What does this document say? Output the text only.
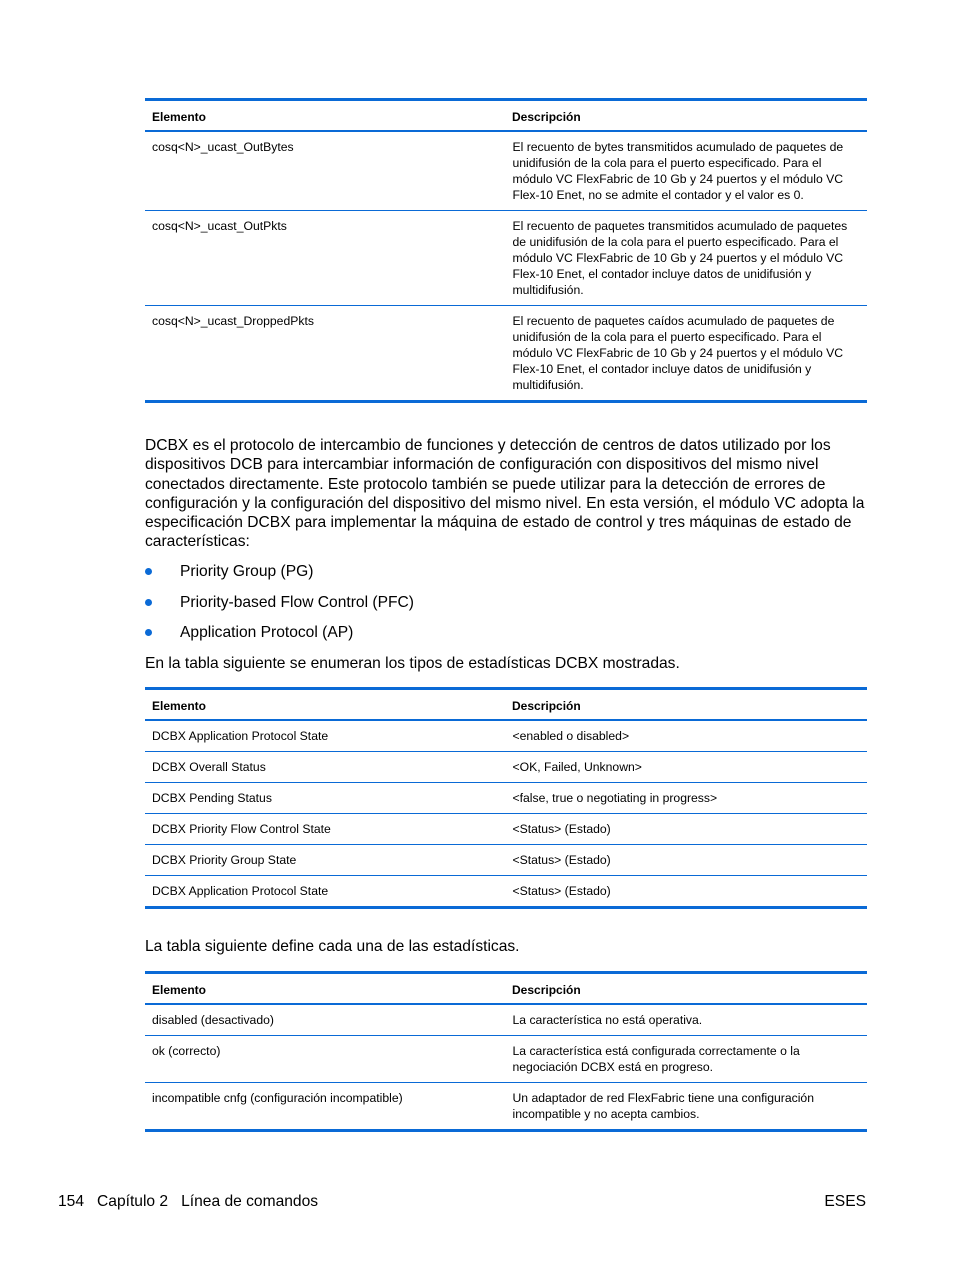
Elemento	Descripción
cosq<N>_ucast_OutBytes	El recuento de bytes transmitidos acumulado de paquetes de unidifusión de la cola para el puerto especificado. Para el módulo VC FlexFabric de 10 Gb y 24 puertos y el módulo VC Flex-10 Enet, no se admite el contador y el valor es 0.
cosq<N>_ucast_OutPkts	El recuento de paquetes transmitidos acumulado de paquetes de unidifusión de la cola para el puerto especificado. Para el módulo VC FlexFabric de 10 Gb y 24 puertos y el módulo VC Flex-10 Enet, el contador incluye datos de unidifusión y multidifusión.
cosq<N>_ucast_DroppedPkts	El recuento de paquetes caídos acumulado de paquetes de unidifusión de la cola para el puerto especificado. Para el módulo VC FlexFabric de 10 Gb y 24 puertos y el módulo VC Flex-10 Enet, el contador incluye datos de unidifusión y multidifusión.

DCBX es el protocolo de intercambio de funciones y detección de centros de datos utilizado por los dispositivos DCB para intercambiar información de configuración con dispositivos del mismo nivel conectados directamente. Este protocolo también se puede utilizar para la detección de errores de configuración y la configuración del dispositivo del mismo nivel. En esta versión, el módulo VC adopta la especificación DCBX para implementar la máquina de estado de control y tres máquinas de estado de características:

Priority Group (PG)
Priority-based Flow Control (PFC)
Application Protocol (AP)

En la tabla siguiente se enumeran los tipos de estadísticas DCBX mostradas.

Elemento	Descripción
DCBX Application Protocol State	<enabled o disabled>
DCBX Overall Status	<OK, Failed, Unknown>
DCBX Pending Status	<false, true o negotiating in progress>
DCBX Priority Flow Control State	<Status> (Estado)
DCBX Priority Group State	<Status> (Estado)
DCBX Application Protocol State	<Status> (Estado)

La tabla siguiente define cada una de las estadísticas.

Elemento	Descripción
disabled (desactivado)	La característica no está operativa.
ok (correcto)	La característica está configurada correctamente o la negociación DCBX está en progreso.
incompatible cnfg (configuración incompatible)	Un adaptador de red FlexFabric tiene una configuración incompatible y no acepta cambios.
154   Capítulo 2   Línea de comandos	ESES
